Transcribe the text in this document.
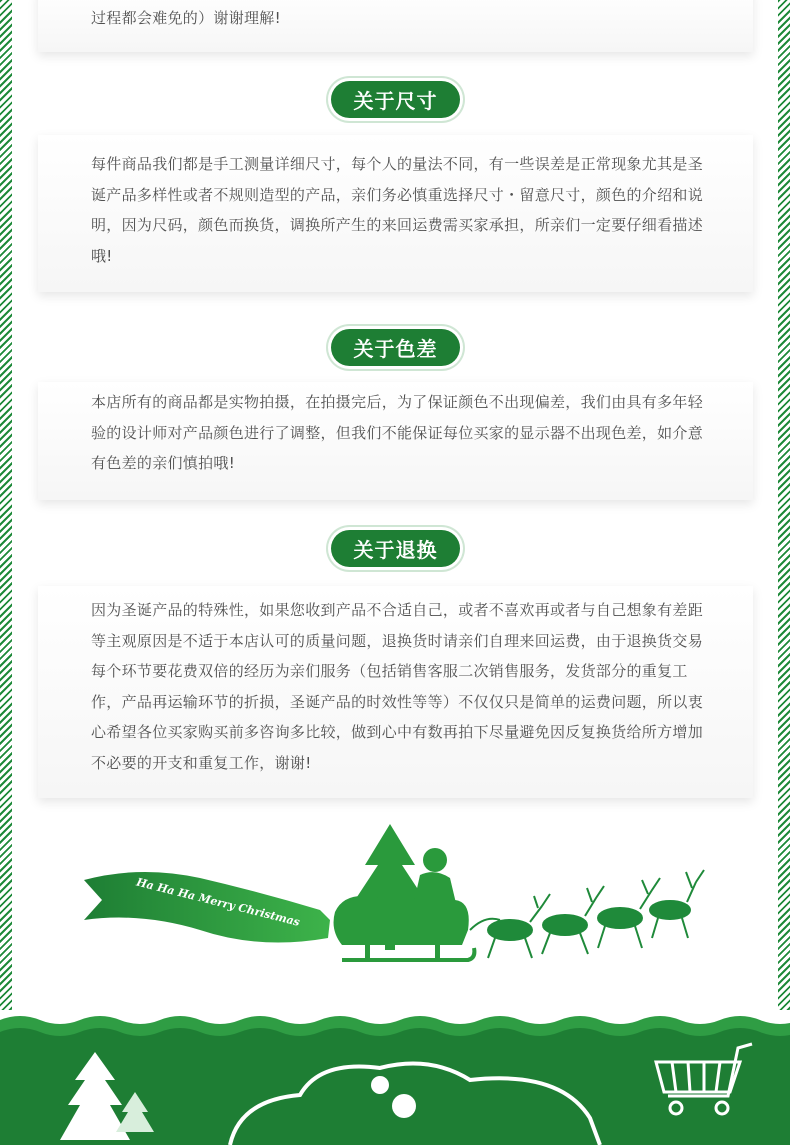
过程都会难免的）谢谢理解!

关于尺寸

每件商品我们都是手工测量详细尺寸，每个人的量法不同，有一些误差是正常现象尤其是圣诞产品多样性或者不规则造型的产品，亲们务必慎重选择尺寸・留意尺寸，颜色的介绍和说明，因为尺码，颜色而换货，调换所产生的来回运费需买家承担，所亲们一定要仔细看描述哦!

关于色差

本店所有的商品都是实物拍摄，在拍摄完后，为了保证颜色不出现偏差，我们由具有多年轻验的设计师对产品颜色进行了调整，但我们不能保证每位买家的显示器不出现色差，如介意有色差的亲们慎拍哦!

关于退换

因为圣诞产品的特殊性，如果您收到产品不合适自己，或者不喜欢再或者与自己想象有差距等主观原因是不适于本店认可的质量问题，退换货时请亲们自理来回运费，由于退换货交易每个环节要花费双倍的经历为亲们服务（包括销售客服二次销售服务，发货部分的重复工作，产品再运输环节的折损，圣诞产品的时效性等等）不仅仅只是简单的运费问题，所以衷心希望各位买家购买前多咨询多比较，做到心中有数再拍下尽量避免因反复换货给所方增加不必要的开支和重复工作，谢谢!

Ha Ha Ha Merry Christmas
